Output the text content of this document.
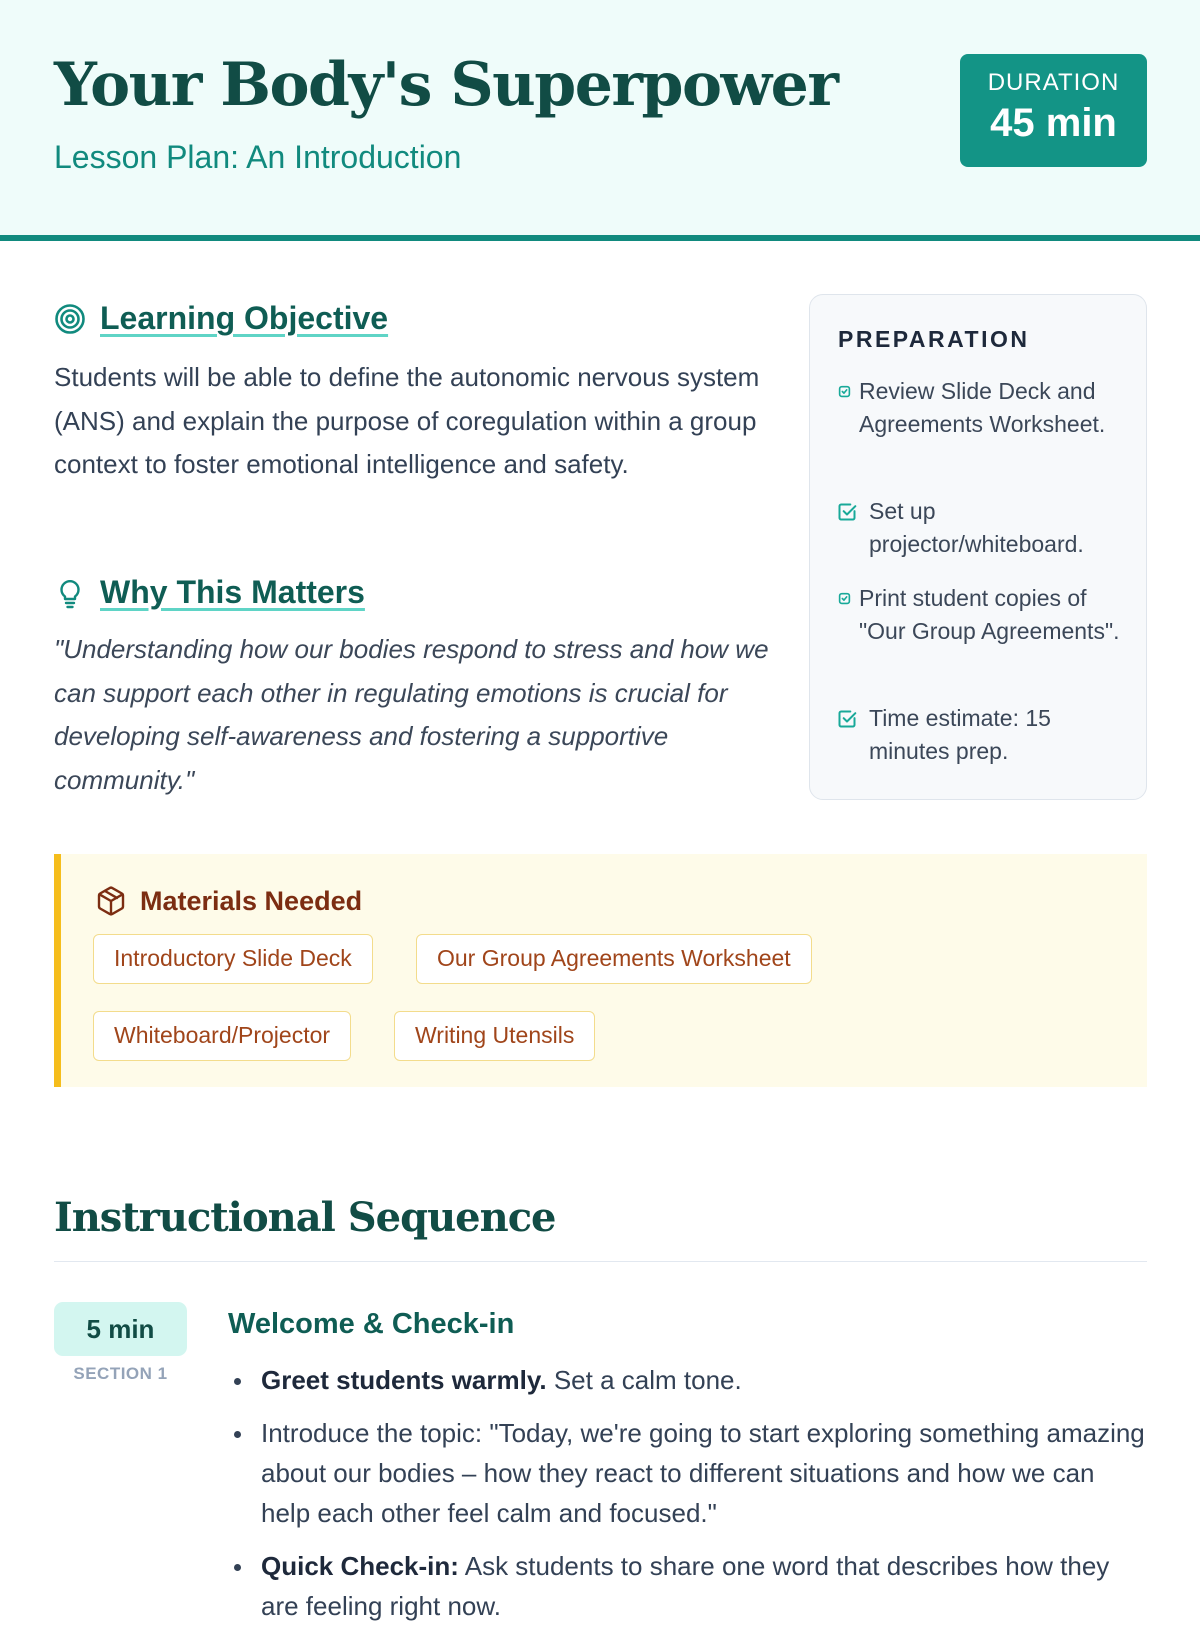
Your Body's Superpower
Lesson Plan: An Introduction
DURATION
45 min
Learning Objective

Students will be able to define the autonomic nervous system (ANS) and explain the purpose of coregulation within a group context to foster emotional intelligence and safety.

Why This Matters

"Understanding how our bodies respond to stress and how we can support each other in regulating emotions is crucial for developing self-awareness and fostering a supportive community."

PREPARATION
Review Slide Deck and Agreements Worksheet.
Set up projector/whiteboard.
Print student copies of "Our Group Agreements".
Time estimate: 15 minutes prep.
Materials Needed
Introductory Slide Deck	Our Group Agreements Worksheet
Whiteboard/Projector	Writing Utensils
Instructional Sequence
5 min
SECTION 1
Welcome & Check-in
Greet students warmly. Set a calm tone.
Introduce the topic: "Today, we're going to start exploring something amazing about our bodies – how they react to different situations and how we can help each other feel calm and focused."
Quick Check-in: Ask students to share one word that describes how they are feeling right now.
